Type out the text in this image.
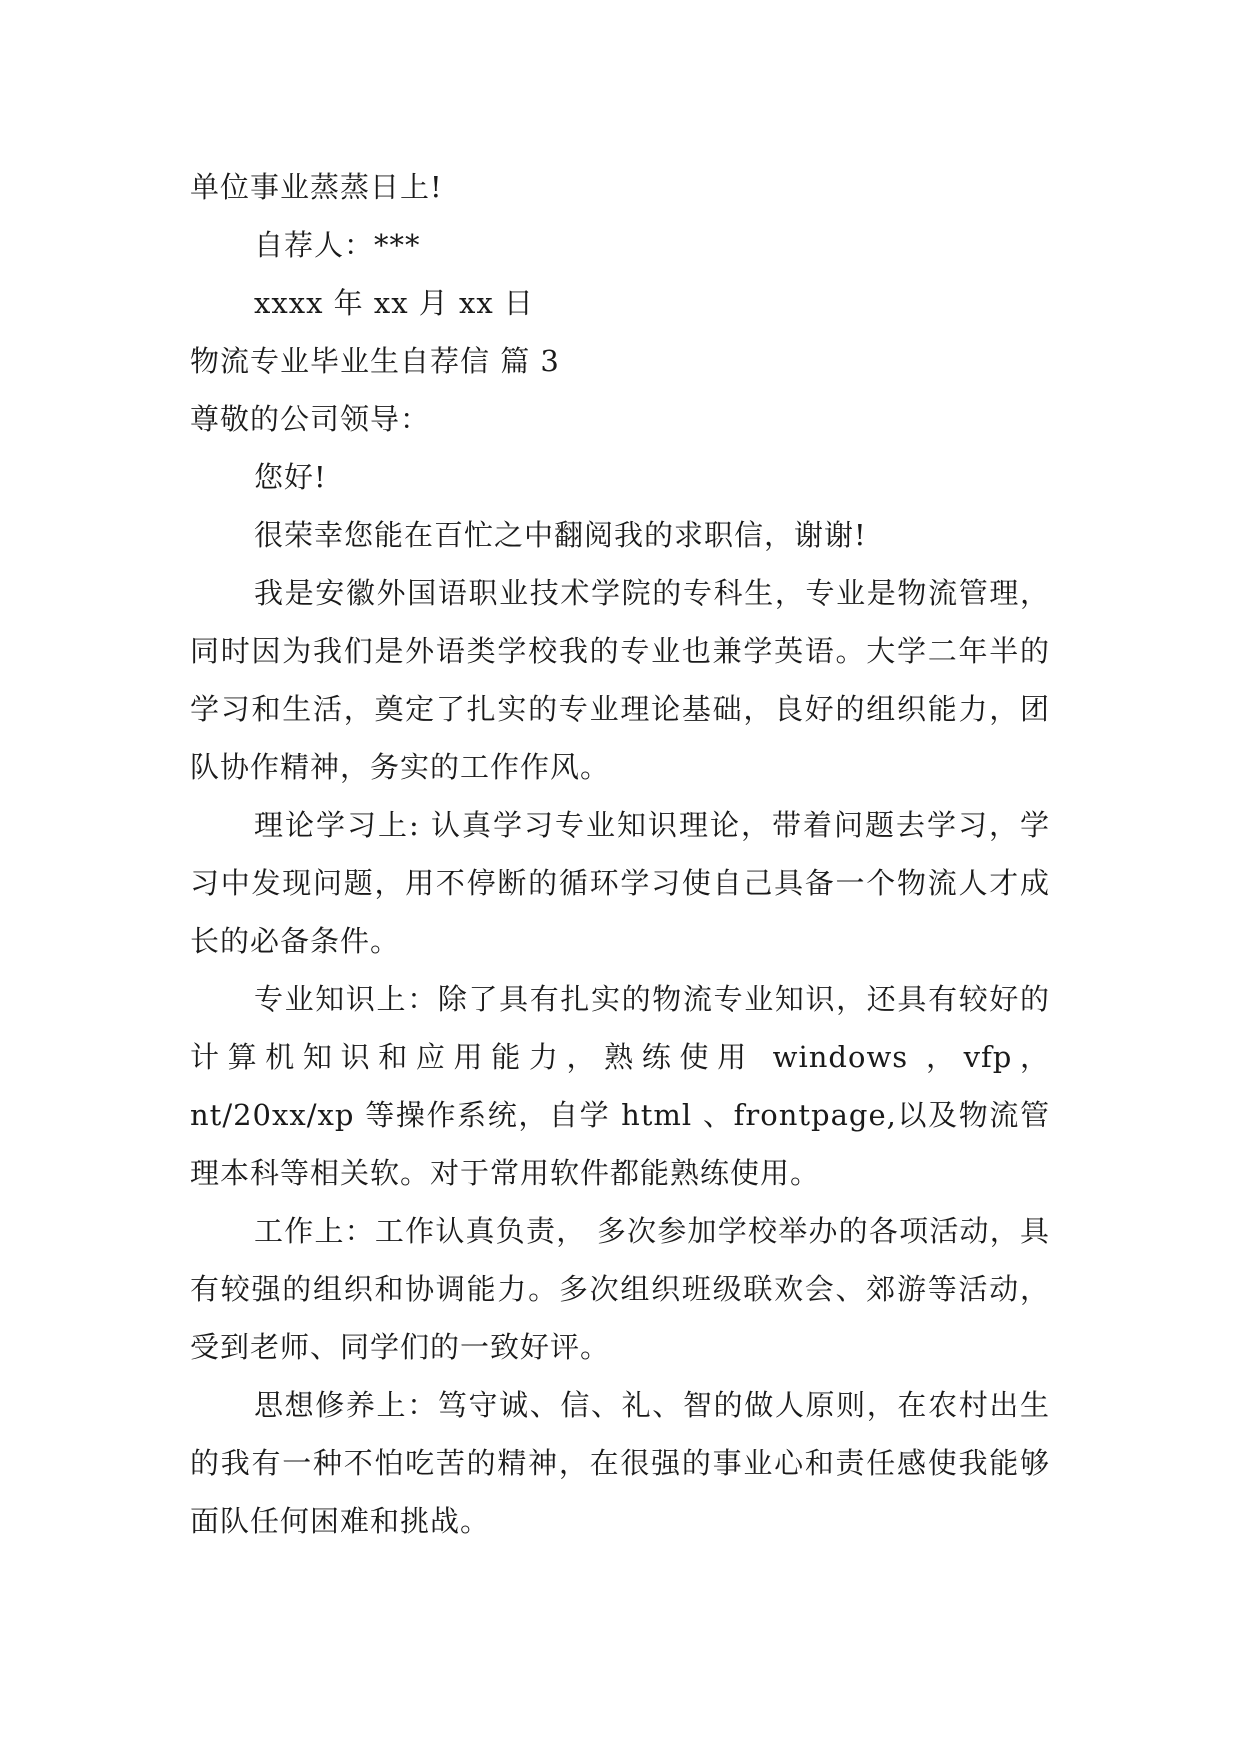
单位事业蒸蒸日上!
自荐人：***
xxxx 年 xx 月 xx 日
物流专业毕业生自荐信 篇 3
尊敬的公司领导：
您好!
很荣幸您能在百忙之中翻阅我的求职信，谢谢!
我是安徽外国语职业技术学院的专科生，专业是物流管理，同时因为我们是外语类学校我的专业也兼学英语。大学二年半的学习和生活，奠定了扎实的专业理论基础，良好的组织能力，团队协作精神，务实的工作作风。
理论学习上: 认真学习专业知识理论，带着问题去学习，学习中发现问题，用不停断的循环学习使自己具备一个物流人才成长的必备条件。
专业知识上：除了具有扎实的物流专业知识，还具有较好的计算机知识和应用能力，熟练使用 windows ，vfp，nt/20xx/xp 等操作系统，自学 html 、frontpage,以及物流管理本科等相关软。对于常用软件都能熟练使用。
工作上：工作认真负责， 多次参加学校举办的各项活动，具有较强的组织和协调能力。多次组织班级联欢会、郊游等活动，受到老师、同学们的一致好评。
思想修养上：笃守诚、信、礼、智的做人原则，在农村出生的我有一种不怕吃苦的精神，在很强的事业心和责任感使我能够面队任何困难和挑战。
